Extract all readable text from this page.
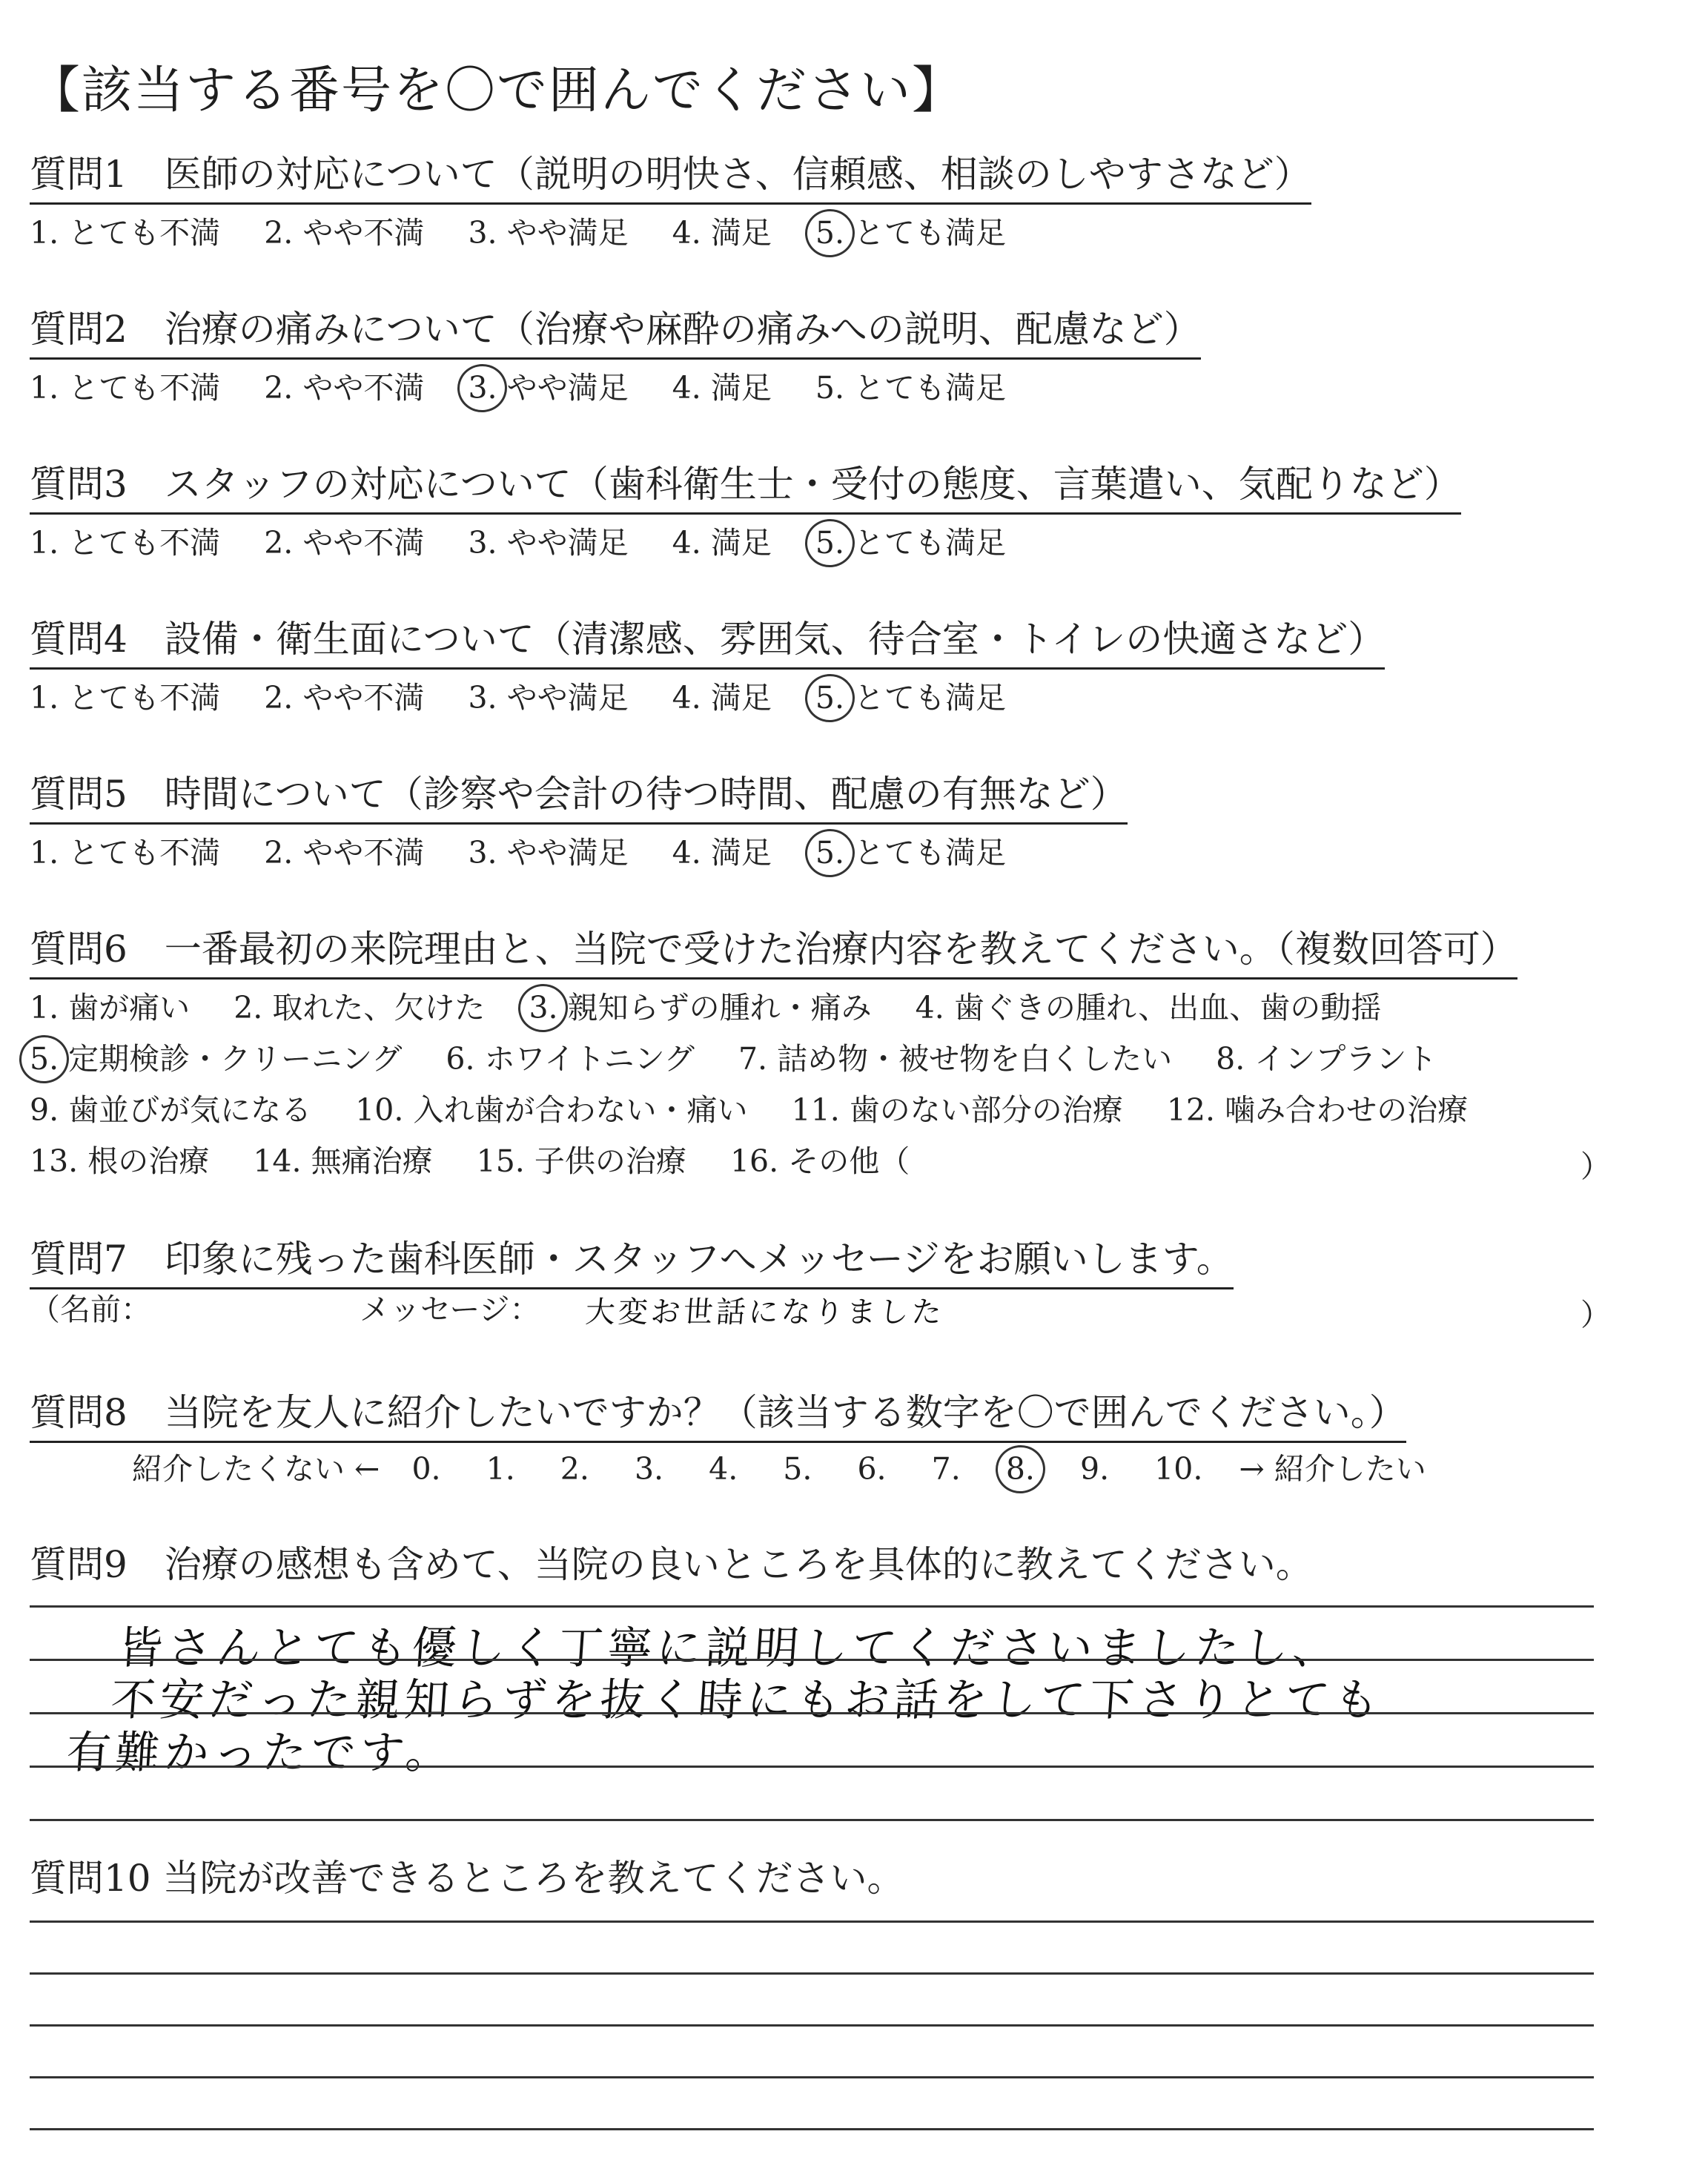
【該当する番号を〇で囲んでください】
質問1　医師の対応について（説明の明快さ、信頼感、相談のしやすさなど）
1. とても不満 2. やや不満 3. やや満足 4. 満足 5. とても満足
質問2　治療の痛みについて（治療や麻酔の痛みへの説明、配慮など）
1. とても不満 2. やや不満 3. やや満足 4. 満足 5. とても満足
質問3　スタッフの対応について（歯科衛生士・受付の態度、言葉遣い、気配りなど）
1. とても不満 2. やや不満 3. やや満足 4. 満足 5. とても満足
質問4　設備・衛生面について（清潔感、雰囲気、待合室・トイレの快適さなど）
1. とても不満 2. やや不満 3. やや満足 4. 満足 5. とても満足
質問5　時間について（診察や会計の待つ時間、配慮の有無など）
1. とても不満 2. やや不満 3. やや満足 4. 満足 5. とても満足
質問6　一番最初の来院理由と、当院で受けた治療内容を教えてください。（複数回答可）
1. 歯が痛い 2. 取れた、欠けた 3. 親知らずの腫れ・痛み 4. 歯ぐきの腫れ、出血、歯の動揺
5. 定期検診・クリーニング 6. ホワイトニング 7. 詰め物・被せ物を白くしたい 8. インプラント
9. 歯並びが気になる 10. 入れ歯が合わない・痛い 11. 歯のない部分の治療 12. 噛み合わせの治療
13. 根の治療 14. 無痛治療 15. 子供の治療 16. その他（	）
質問7　印象に残った歯科医師・スタッフへメッセージをお願いします。
（名前：	メッセージ： 大変お世話になりました	）
質問8　当院を友人に紹介したいですか？（該当する数字を〇で囲んでください。）
紹介したくない ← 0. 1. 2. 3. 4. 5. 6. 7. 8. 9. 10. → 紹介したい
質問9　治療の感想も含めて、当院の良いところを具体的に教えてください。
皆さんとても優しく丁寧に説明してくださいましたし、
不安だった親知らずを抜く時にもお話をして下さりとても
有難かったです。
質問10 当院が改善できるところを教えてください。
